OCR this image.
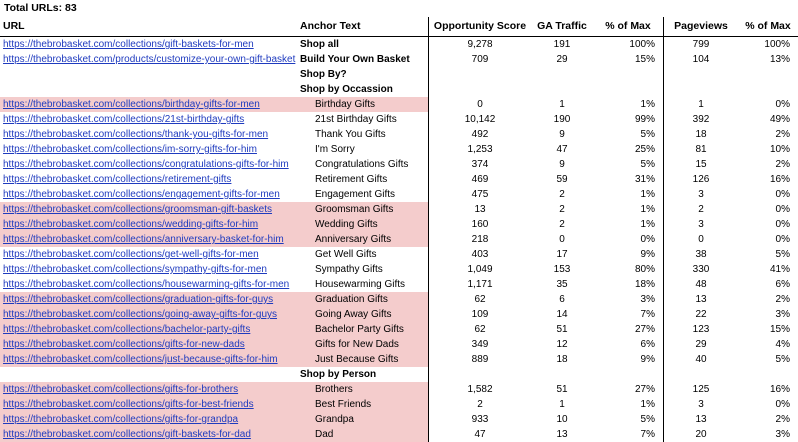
Total URLs: 83
URL	Anchor Text	Opportunity Score	GA Traffic	% of Max	Pageviews	% of Max
https://thebrobasket.com/collections/gift-baskets-for-men	Shop all	9,278	191	100%	799	100%
https://thebrobasket.com/products/customize-your-own-gift-basket	Build Your Own Basket	709	29	15%	104	13%
	Shop By?					
	Shop by Occassion					
https://thebrobasket.com/collections/birthday-gifts-for-men	Birthday Gifts	0	1	1%	1	0%
https://thebrobasket.com/collections/21st-birthday-gifts	21st Birthday Gifts	10,142	190	99%	392	49%
https://thebrobasket.com/collections/thank-you-gifts-for-men	Thank You Gifts	492	9	5%	18	2%
https://thebrobasket.com/collections/im-sorry-gifts-for-him	I'm Sorry	1,253	47	25%	81	10%
https://thebrobasket.com/collections/congratulations-gifts-for-him	Congratulations Gifts	374	9	5%	15	2%
https://thebrobasket.com/collections/retirement-gifts	Retirement Gifts	469	59	31%	126	16%
https://thebrobasket.com/collections/engagement-gifts-for-men	Engagement Gifts	475	2	1%	3	0%
https://thebrobasket.com/collections/groomsman-gift-baskets	Groomsman Gifts	13	2	1%	2	0%
https://thebrobasket.com/collections/wedding-gifts-for-him	Wedding Gifts	160	2	1%	3	0%
https://thebrobasket.com/collections/anniversary-basket-for-him	Anniversary Gifts	218	0	0%	0	0%
https://thebrobasket.com/collections/get-well-gifts-for-men	Get Well Gifts	403	17	9%	38	5%
https://thebrobasket.com/collections/sympathy-gifts-for-men	Sympathy Gifts	1,049	153	80%	330	41%
https://thebrobasket.com/collections/housewarming-gifts-for-men	Housewarming Gifts	1,171	35	18%	48	6%
https://thebrobasket.com/collections/graduation-gifts-for-guys	Graduation Gifts	62	6	3%	13	2%
https://thebrobasket.com/collections/going-away-gifts-for-guys	Going Away Gifts	109	14	7%	22	3%
https://thebrobasket.com/collections/bachelor-party-gifts	Bachelor Party Gifts	62	51	27%	123	15%
https://thebrobasket.com/collections/gifts-for-new-dads	Gifts for New Dads	349	12	6%	29	4%
https://thebrobasket.com/collections/just-because-gifts-for-him	Just Because Gifts	889	18	9%	40	5%
	Shop by Person					
https://thebrobasket.com/collections/gifts-for-brothers	Brothers	1,582	51	27%	125	16%
https://thebrobasket.com/collections/gifts-for-best-friends	Best Friends	2	1	1%	3	0%
https://thebrobasket.com/collections/gifts-for-grandpa	Grandpa	933	10	5%	13	2%
https://thebrobasket.com/collections/gift-baskets-for-dad	Dad	47	13	7%	20	3%
